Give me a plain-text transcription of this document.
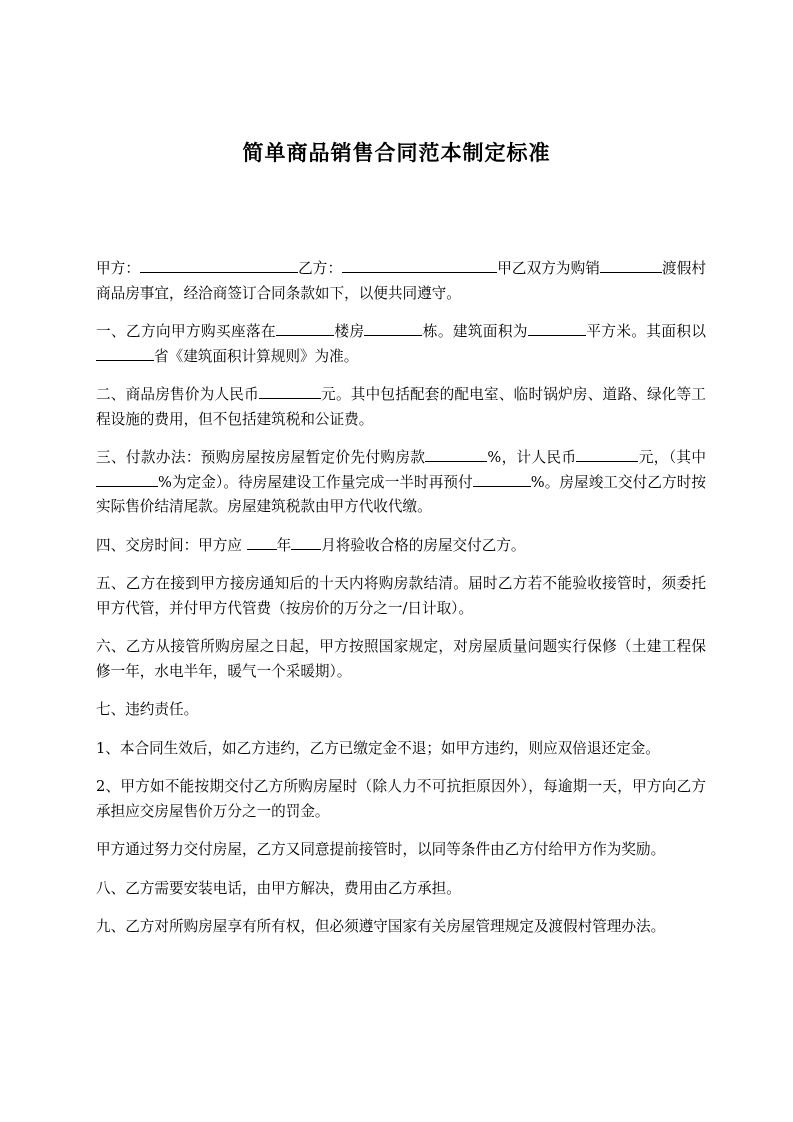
简单商品销售合同范本制定标准

甲方：	乙方：	甲乙双方为购销	渡假村商品房事宜，经洽商签订合同条款如下，以便共同遵守。

一、乙方向甲方购买座落在	楼房	栋。建筑面积为	平方米。其面积以省《建筑面积计算规则》为准。

二、商品房售价为人民币	元。其中包括配套的配电室、临时锅炉房、道路、绿化等工程设施的费用，但不包括建筑税和公证费。

三、付款办法：预购房屋按房屋暂定价先付购房款	%，计人民币	元，（其中%为定金）。待房屋建设工作量完成一半时再预付	%。房屋竣工交付乙方时按实际售价结清尾款。房屋建筑税款由甲方代收代缴。

四、交房时间：甲方应 年 月将验收合格的房屋交付乙方。

五、乙方在接到甲方接房通知后的十天内将购房款结清。届时乙方若不能验收接管时，须委托甲方代管，并付甲方代管费（按房价的万分之一/日计取）。

六、乙方从接管所购房屋之日起，甲方按照国家规定，对房屋质量问题实行保修（土建工程保修一年，水电半年，暖气一个采暖期）。

七、违约责任。

1、本合同生效后，如乙方违约，乙方已缴定金不退；如甲方违约，则应双倍退还定金。

2、甲方如不能按期交付乙方所购房屋时（除人力不可抗拒原因外），每逾期一天，甲方向乙方承担应交房屋售价万分之一的罚金。

甲方通过努力交付房屋，乙方又同意提前接管时，以同等条件由乙方付给甲方作为奖励。

八、乙方需要安装电话，由甲方解决，费用由乙方承担。

九、乙方对所购房屋享有所有权，但必须遵守国家有关房屋管理规定及渡假村管理办法。
